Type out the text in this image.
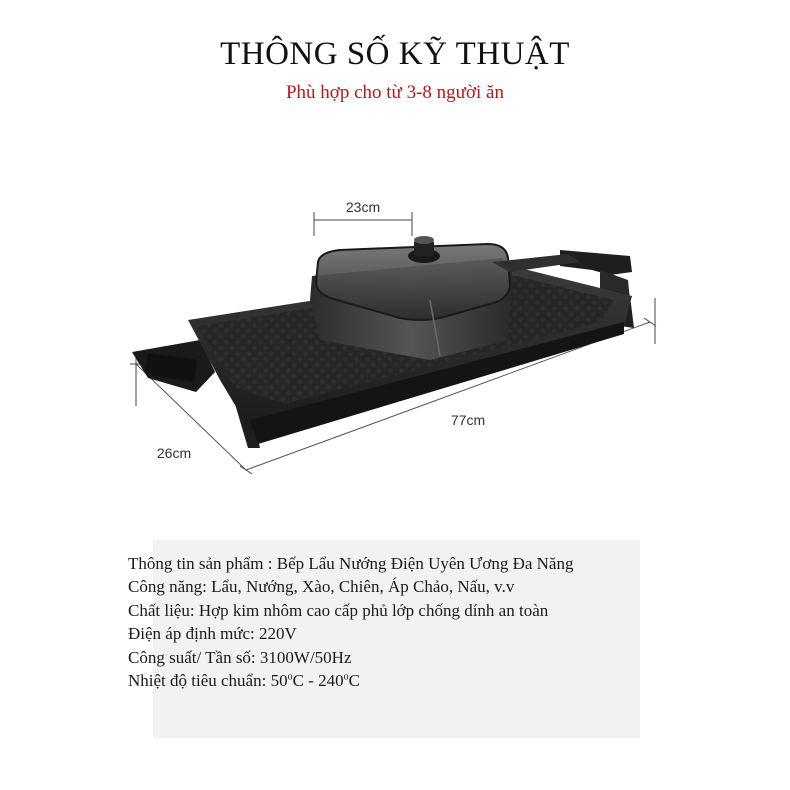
THÔNG SỐ KỸ THUẬT
Phù hợp cho từ 3-8 người ăn
23cm
77cm
26cm
Thông tin sản phẩm : Bếp Lẩu Nướng Điện Uyên Ương Đa Năng
Công năng: Lẩu, Nướng, Xào, Chiên, Áp Chảo, Nấu, v.v
Chất liệu: Hợp kim nhôm cao cấp phủ lớp chống dính an toàn
Điện áp định mức: 220V
Công suất/ Tần số: 3100W/50Hz
Nhiệt độ tiêu chuẩn: 50$^o$C - 240$^o$C
